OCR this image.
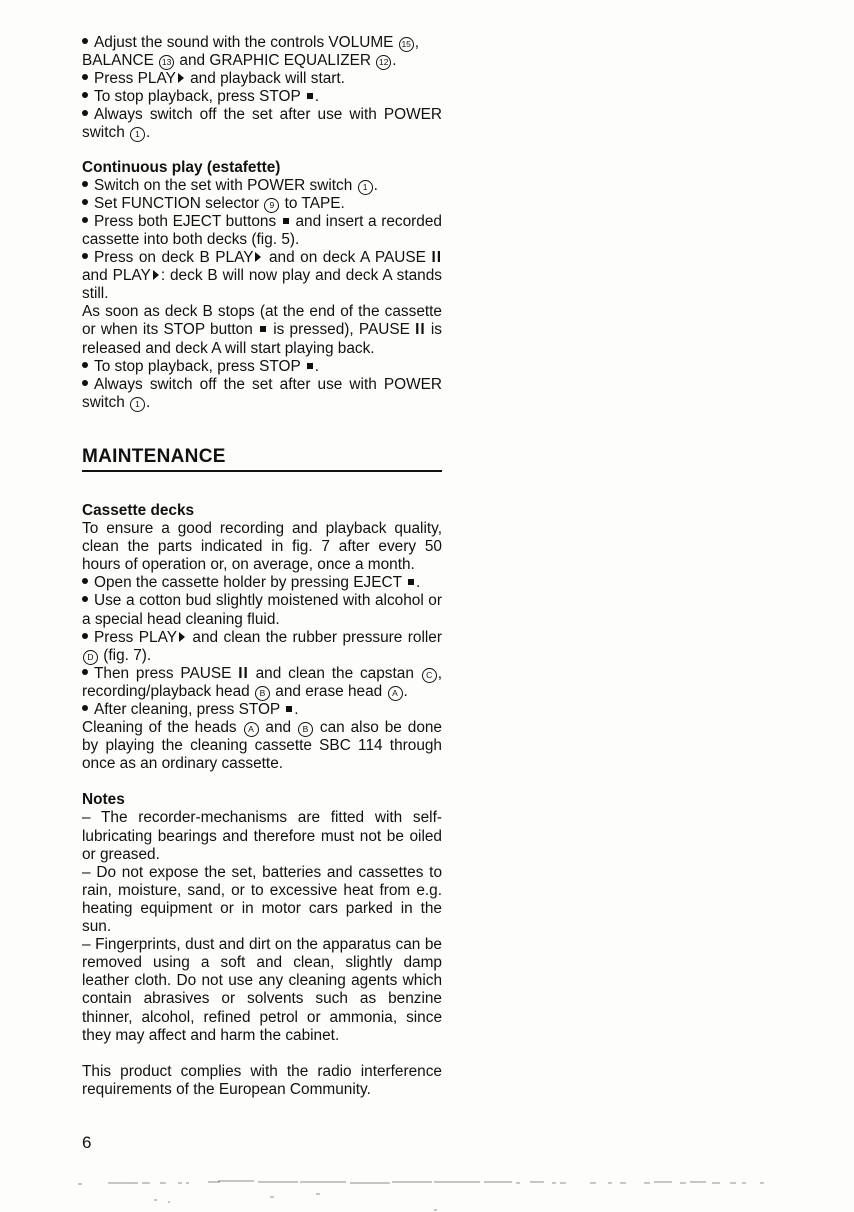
Adjust the sound with the controls VOLUME 15 ,
BALANCE 13 and GRAPHIC EQUALIZER 12 .

Press PLAY and playback will start.

To stop playback, press STOP .

Always switch off the set after use with POWER switch 1 .

Continuous play (estafette)

Switch on the set with POWER switch 1 .

Set FUNCTION selector 9 to TAPE.

Press both EJECT buttons  and insert a recorded cassette into both decks (fig. 5).

Press on deck B PLAY and on deck A PAUSE II and PLAY : deck B will now play and deck A stands still.

As soon as deck B stops (at the end of the cassette or when its STOP button  is pressed), PAUSE II is released and deck A will start playing back.

To stop playback, press STOP .

Always switch off the set after use with POWER switch 1 .

MAINTENANCE

Cassette decks

To ensure a good recording and playback quality, clean the parts indicated in fig. 7 after every 50 hours of operation or, on average, once a month.

Open the cassette holder by pressing EJECT .

Use a cotton bud slightly moistened with alcohol or a special head cleaning fluid.

Press PLAY and clean the rubber pressure roller D (fig. 7).

Then press PAUSE II and clean the capstan C , recording/playback head B and erase head A .

After cleaning, press STOP .

Cleaning of the heads A and B can also be done by playing the cleaning cassette SBC 114 through once as an ordinary cassette.

Notes

– The recorder-mechanisms are fitted with self-lubricating bearings and therefore must not be oiled or greased.

– Do not expose the set, batteries and cassettes to rain, moisture, sand, or to excessive heat from e.g. heating equipment or in motor cars parked in the sun.

– Fingerprints, dust and dirt on the apparatus can be removed using a soft and clean, slightly damp leather cloth. Do not use any cleaning agents which contain abrasives or solvents such as benzine thinner, alcohol, refined petrol or ammonia, since they may affect and harm the cabinet.

This product complies with the radio interference requirements of the European Community.

6
